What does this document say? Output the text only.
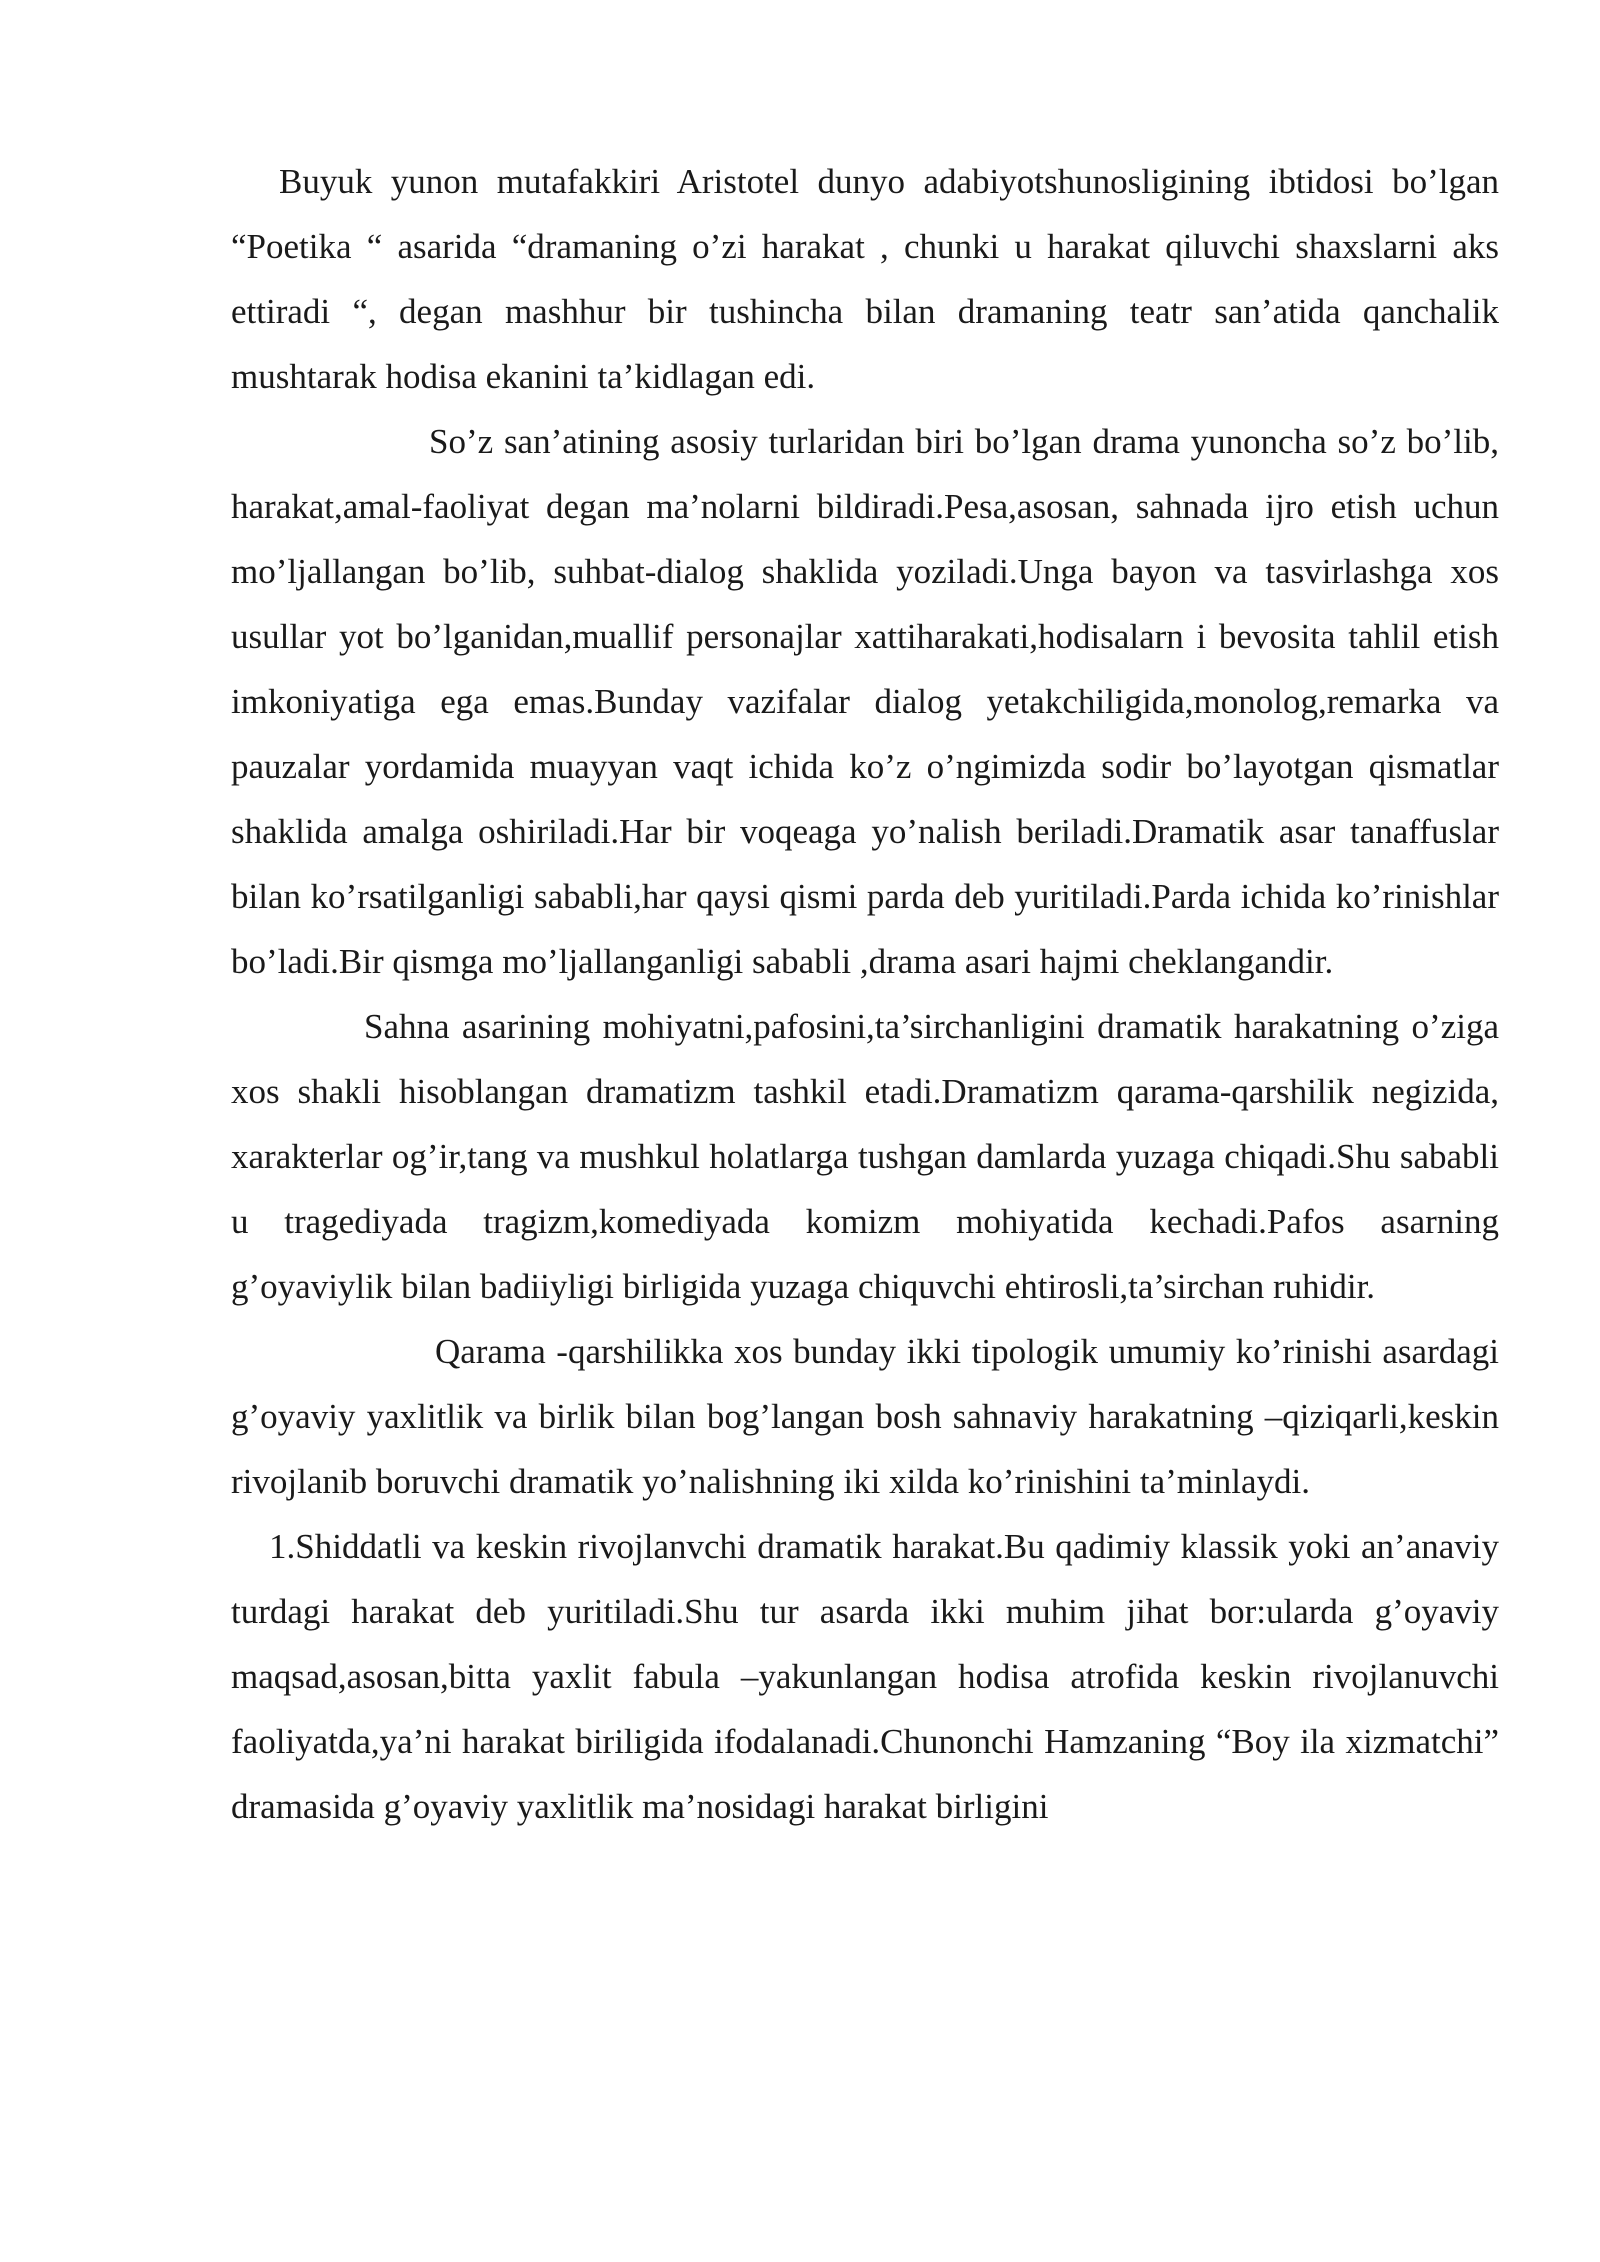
Buyuk yunon mutafakkiri Aristotel dunyo adabiyotshunosligining ibtidosi bo’lgan “Poetika “ asarida “dramaning o’zi harakat , chunki u harakat qiluvchi shaxslarni aks ettiradi “, degan mashhur bir tushincha bilan dramaning teatr san’atida qanchalik mushtarak hodisa ekanini ta’kidlagan edi.

So’z san’atining asosiy turlaridan biri bo’lgan drama yunoncha so’z bo’lib, harakat,amal-faoliyat degan ma’nolarni bildiradi.Pesa,asosan, sahnada ijro etish uchun mo’ljallangan bo’lib, suhbat-dialog shaklida yoziladi.Unga bayon va tasvirlashga xos usullar yot bo’lganidan,muallif personajlar xattiharakati,hodisalarn i bevosita tahlil etish imkoniyatiga ega emas.Bunday vazifalar dialog yetakchiligida,monolog,remarka va pauzalar yordamida muayyan vaqt ichida ko’z o’ngimizda sodir bo’layotgan qismatlar shaklida amalga oshiriladi.Har bir voqeaga yo’nalish beriladi.Dramatik asar tanaffuslar bilan ko’rsatilganligi sababli,har qaysi qismi parda deb yuritiladi.Parda ichida ko’rinishlar bo’ladi.Bir qismga mo’ljallanganligi sababli ,drama asari hajmi cheklangandir.

Sahna asarining mohiyatni,pafosini,ta’sirchanligini dramatik harakatning o’ziga xos shakli hisoblangan dramatizm tashkil etadi.Dramatizm qarama-qarshilik negizida, xarakterlar og’ir,tang va mushkul holatlarga tushgan damlarda yuzaga chiqadi.Shu sababli u tragediyada tragizm,komediyada komizm mohiyatida kechadi.Pafos asarning g’oyaviylik bilan badiiyligi birligida yuzaga chiquvchi ehtirosli,ta’sirchan ruhidir.

Qarama -qarshilikka xos bunday ikki tipologik umumiy ko’rinishi asardagi g’oyaviy yaxlitlik va birlik bilan bog’langan bosh sahnaviy harakatning –qiziqarli,keskin rivojlanib boruvchi dramatik yo’nalishning iki xilda ko’rinishini ta’minlaydi.

1.Shiddatli va keskin rivojlanvchi dramatik harakat.Bu qadimiy klassik yoki an’anaviy turdagi harakat deb yuritiladi.Shu tur asarda ikki muhim jihat bor:ularda g’oyaviy maqsad,asosan,bitta yaxlit fabula –yakunlangan hodisa atrofida keskin rivojlanuvchi faoliyatda,ya’ni harakat biriligida ifodalanadi.Chunonchi Hamzaning “Boy ila xizmatchi” dramasida g’oyaviy yaxlitlik ma’nosidagi harakat birligini
